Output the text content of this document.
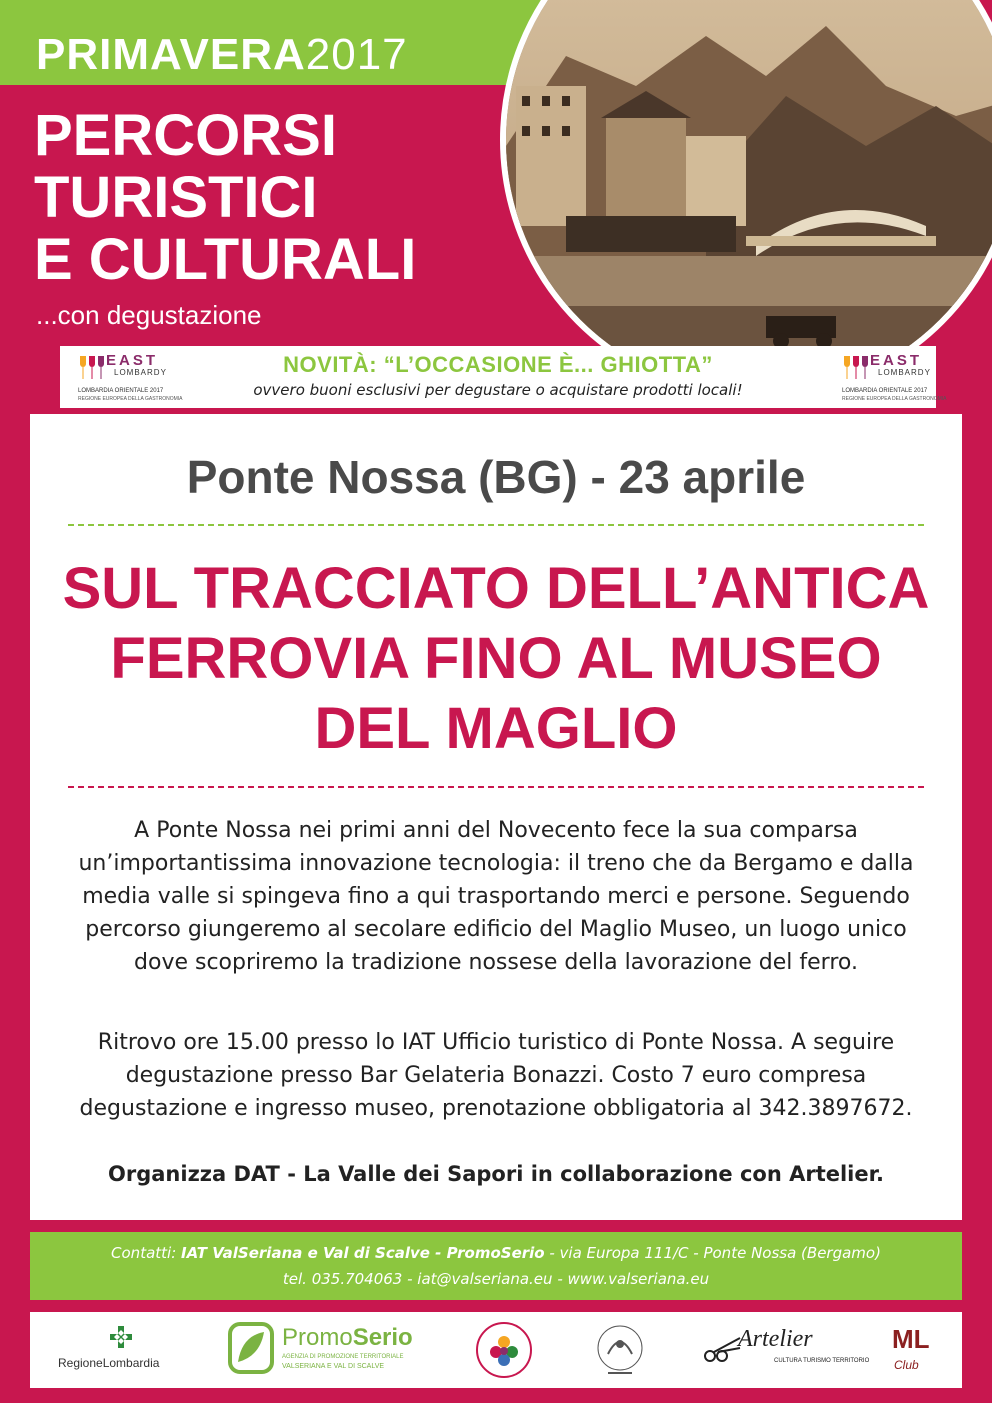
PRIMAVERA2017
PERCORSI
TURISTICI
E CULTURALI
...con degustazione
EAST
LOMBARDY
LOMBARDIA ORIENTALE 2017
REGIONE EUROPEA DELLA GASTRONOMIA
NOVITÀ: “L’OCCASIONE È... GHIOTTA”
ovvero buoni esclusivi per degustare o acquistare prodotti locali!
EAST
LOMBARDY
LOMBARDIA ORIENTALE 2017
REGIONE EUROPEA DELLA GASTRONOMIA
Ponte Nossa (BG) - 23 aprile
SUL TRACCIATO DELL’ANTICA
FERROVIA FINO AL MUSEO
DEL MAGLIO
A Ponte Nossa nei primi anni del Novecento fece la sua comparsa
un’importantissima innovazione tecnologia: il treno che da Bergamo e dalla
media valle si spingeva fino a qui trasportando merci e persone. Seguendo
percorso giungeremo al secolare edificio del Maglio Museo, un luogo unico
dove scopriremo la tradizione nossese della lavorazione del ferro.
Ritrovo ore 15.00 presso lo IAT Ufficio turistico di Ponte Nossa. A seguire
degustazione presso Bar Gelateria Bonazzi. Costo 7 euro compresa
degustazione e ingresso museo, prenotazione obbligatoria al 342.3897672.
Organizza DAT - La Valle dei Sapori in collaborazione con Artelier.
Contatti: IAT ValSeriana e Val di Scalve - PromoSerio - via Europa 111/C - Ponte Nossa (Bergamo)
tel. 035.704063 - iat@valseriana.eu - www.valseriana.eu
RegioneLombardia
PromoSerio
AGENZIA DI PROMOZIONE TERRITORIALE
VALSERIANA E VAL DI SCALVE
Artelier
CULTURA TURISMO TERRITORIO
ML
Club
